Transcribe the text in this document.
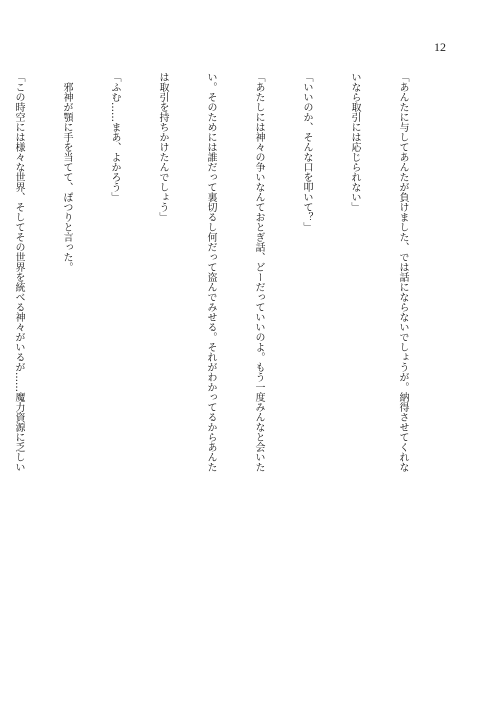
12

「あんたに与してあんたが負けました、では話にならないでしょうが。納得させてくれな

いなら取引には応じられない」

「いいのか、そんな口を叩いて？」

「あたしには神々の争いなんておとぎ話、どーだっていいのよ。もう一度みんなと会いた

い。そのためには誰だって裏切るし何だって盗んでみせる。それがわかってるからあんた

は取引を持ちかけたんでしょう」

「ふむ……まあ、よかろう」

　邪神が顎に手を当てて、ぽつりと言った。

「この時空には様々な世界、そしてその世界を統べる神々がいるが……魔力資源に乏しい
